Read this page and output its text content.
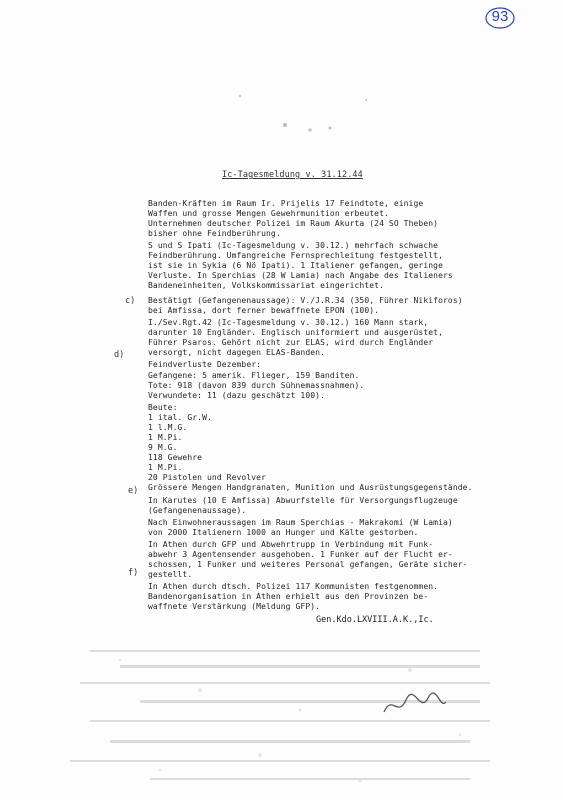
93
Ic-Tagesmeldung v. 31.12.44
c)
d)
e)
f)
Banden-Kräften im Raum Ir. Prijelis 17 Feindtote, einige
Waffen und grosse Mengen Gewehrmunition erbeutet.
Unternehmen deutscher Polizei im Raum Akurta (24 SO Theben)
bisher ohne Feindberührung.
S und S Ipati (Ic-Tagesmeldung v. 30.12.) mehrfach schwache
Feindberührung. Umfangreiche Fernsprechleitung festgestellt,
ist sie in Sykia (6 Nö Ipati). 1 Italiener gefangen, geringe
Verluste. In Sperchias (28 W Lamia) nach Angabe des Italieners
Bandeneinheiten, Volkskommissariat eingerichtet.
Bestätigt (Gefangenenaussage): V./J.R.34 (350, Führer Nikiforos)
bei Amfissa, dort ferner bewaffnete EPON (100).
I./Sev.Rgt.42 (Ic-Tagesmeldung v. 30.12.) 160 Mann stark,
darunter 10 Engländer. Englisch uniformiert und ausgerüstet,
Führer Psaros. Gehört nicht zur ELAS, wird durch Engländer
versorgt, nicht dagegen ELAS-Banden.
Feindverluste Dezember:
Gefangene: 5 amerik. Flieger, 159 Banditen.
Tote: 918 (davon 839 durch Sühnemassnahmen).
Verwundete: 11 (dazu geschätzt 100).
Beute:
1 ital. Gr.W.
1 l.M.G.
1 M.Pi.
9 M.G.
118 Gewehre
1 M.Pi.
20 Pistolen und Revolver
Grössere Mengen Handgranaten, Munition und Ausrüstungsgegenstände.
In Karutes (10 E Amfissa) Abwurfstelle für Versorgungsflugzeuge
(Gefangenenaussage).
Nach Einwohneraussagen im Raum Sperchias - Makrakomi (W Lamia)
von 2000 Italienern 1000 an Hunger und Kälte gestorben.
In Athen durch GFP und Abwehrtrupp in Verbindung mit Funk-
abwehr 3 Agentensender ausgehoben. 1 Funker auf der Flucht er-
schossen, 1 Funker und weiteres Personal gefangen, Geräte sicher-
gestellt.
In Athen durch dtsch. Polizei 117 Kommunisten festgenommen.
Bandenorganisation in Athen erhielt aus den Provinzen be-
waffnete Verstärkung (Meldung GFP).
Gen.Kdo.LXVIII.A.K.,Ic.
